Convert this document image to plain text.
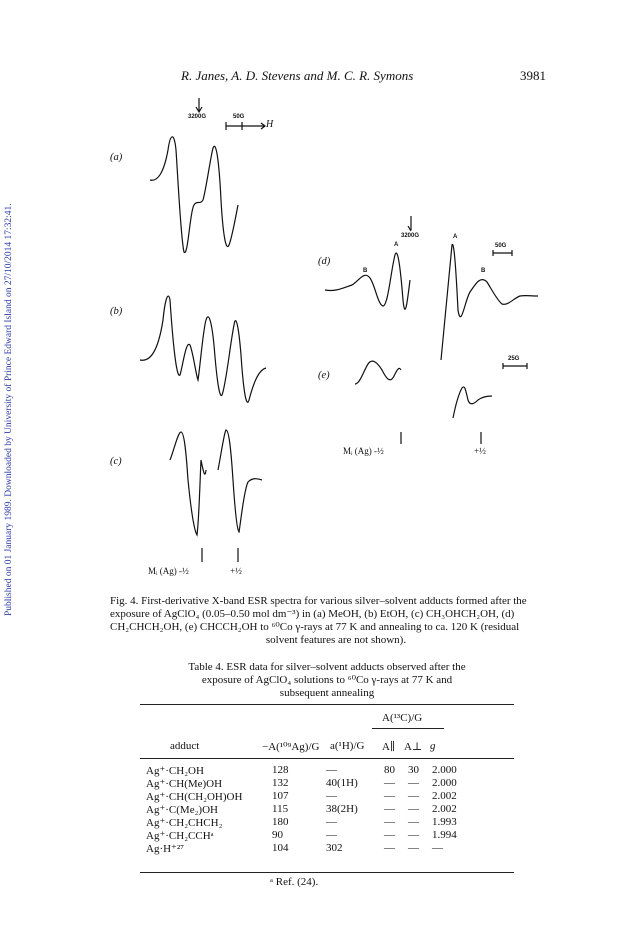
Published on 01 January 1989. Downloaded by University of Prince Edward Island on 27/10/2014 17:32:41.
R. Janes, A. D. Stevens and M. C. R. Symons	3981
(a)
(b)
(c)
(d)
(e)
3200G	50G
H
3200G
50G
25G
A
B
A
B
Mᵢ (Ag) -½	+½
Mᵢ (Ag) -½	+½
Fig. 4. First-derivative X-band ESR spectra for various silver–solvent adducts formed after the
exposure of AgClO₄ (0.05–0.50 mol dm⁻³) in (a) MeOH, (b) EtOH, (c) CH₃OHCH₂OH, (d)
CH₂CHCH₂OH, (e) CHCCH₂OH to ⁶⁰Co γ-rays at 77 K and annealing to ca. 120 K (residual
solvent features are not shown).
Table 4. ESR data for silver–solvent adducts observed after the
exposure of AgClO₄ solutions to ⁶⁰Co γ-rays at 77 K and
subsequent annealing
A(¹³C)/G
adduct	−A(¹⁰⁹Ag)/G a(¹H)/G A∥ A⊥ g
Ag⁺·CH₂OH	128	—	80 30 2.000
Ag⁺·CH(Me)OH	132	40(1H) — — 2.000
Ag⁺·CH(CH₂OH)OH	107	—	— — 2.002
Ag⁺·C(Me₂)OH	115	38(2H) — — 2.002
Ag⁺·CH₂CHCH₂	180	—	— — 1.993
Ag⁺·CH₂CCHᵃ	90	—	— — 1.994
Ag·H⁺²⁷	104	302	— — —
ᵃ Ref. (24).
